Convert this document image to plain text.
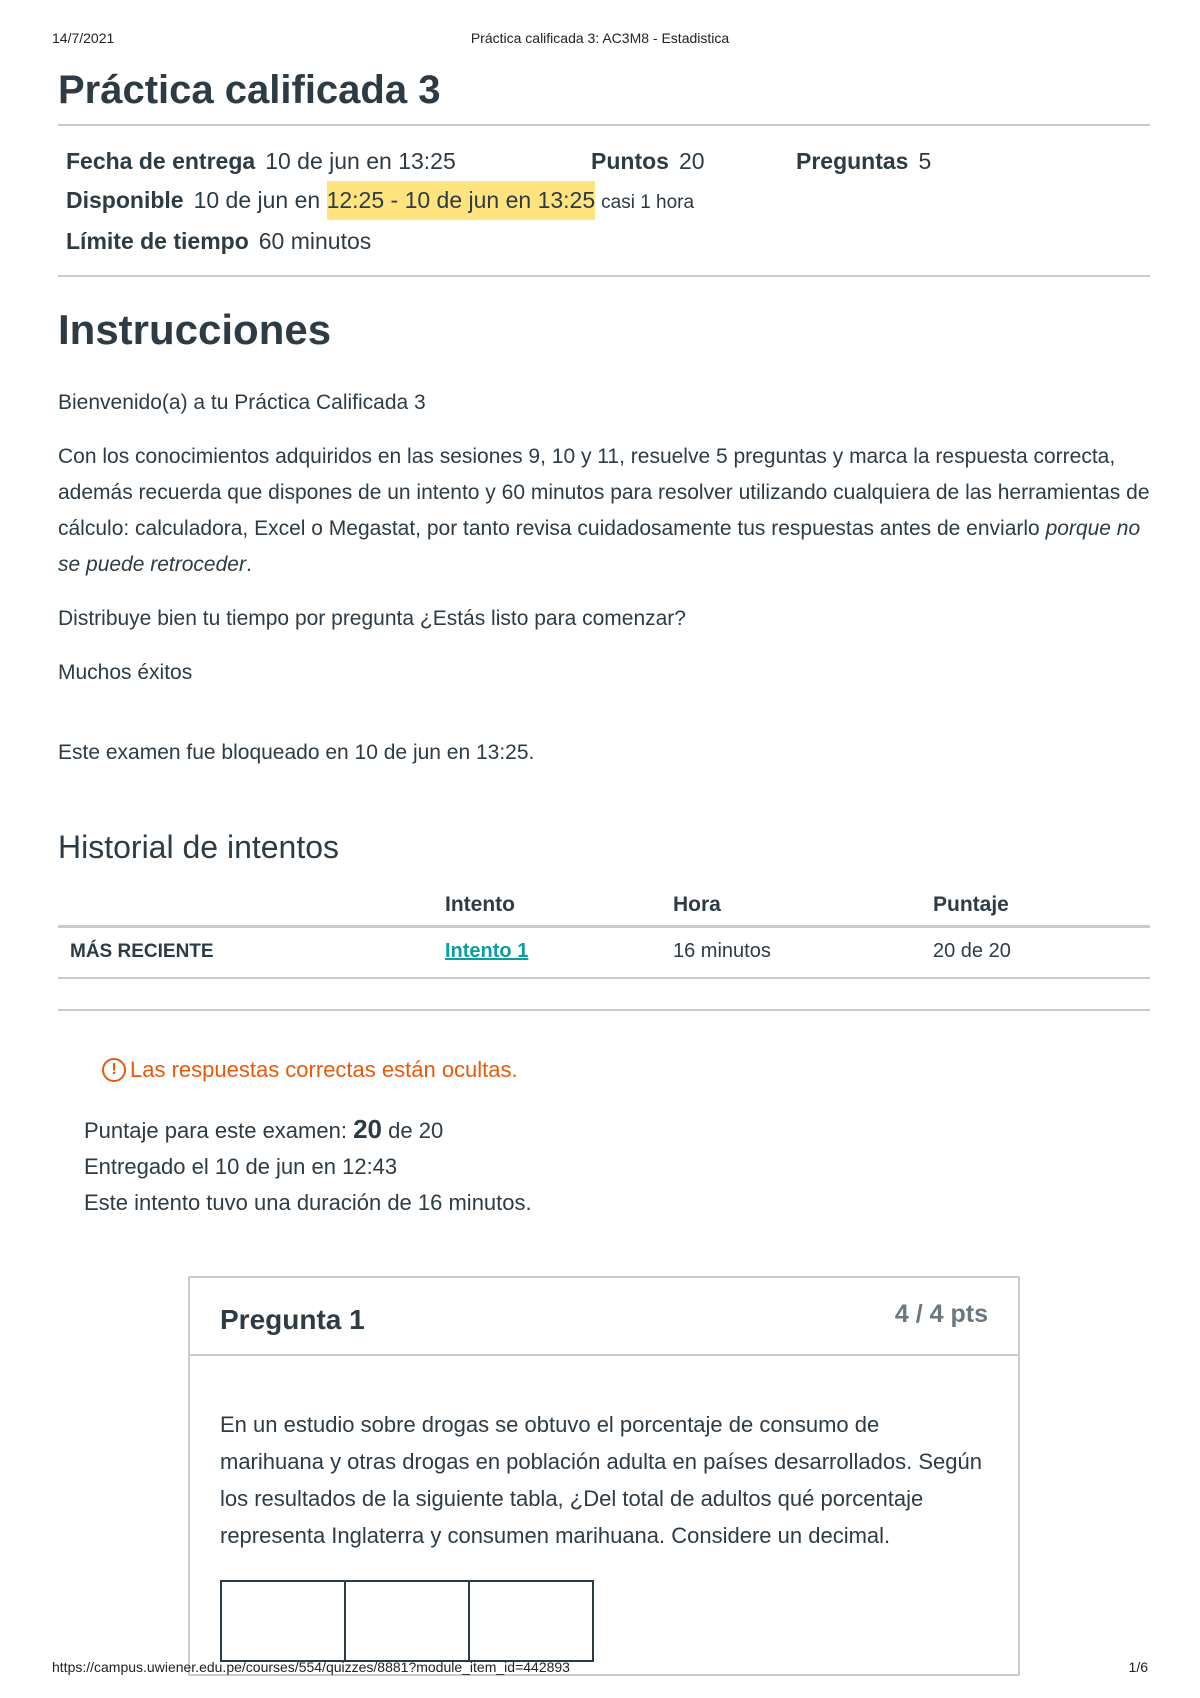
14/7/2021	Práctica calificada 3: AC3M8 - Estadistica
Práctica calificada 3
Fecha de entrega 10 de jun en 13:25	Puntos 20	Preguntas 5
Disponible 10 de jun en
12:25 - 10 de jun en 13:25 casi 1 hora
Límite de tiempo 60 minutos
Instrucciones

Bienvenido(a) a tu Práctica Calificada 3

Con los conocimientos adquiridos en las sesiones 9, 10 y 11, resuelve 5 preguntas y marca la respuesta correcta, además recuerda que dispones de un intento y 60 minutos para resolver utilizando cualquiera de las herramientas de cálculo: calculadora, Excel o Megastat, por tanto revisa cuidadosamente tus respuestas antes de enviarlo porque no se puede retroceder.

Distribuye bien tu tiempo por pregunta ¿Estás listo para comenzar?

Muchos éxitos

Este examen fue bloqueado en 10 de jun en 13:25.
Historial de intentos
	Intento	Hora	Puntaje
MÁS RECIENTE	Intento 1	16 minutos	20 de 20
! Las respuestas correctas están ocultas.
Puntaje para este examen: 20 de 20
Entregado el 10 de jun en 12:43
Este intento tuvo una duración de 16 minutos.
Pregunta 1	4 / 4 pts

En un estudio sobre drogas se obtuvo el porcentaje de consumo de marihuana y otras drogas en población adulta en países desarrollados. Según los resultados de la siguiente tabla, ¿Del total de adultos qué porcentaje representa Inglaterra y consumen marihuana. Considere un decimal.

https://campus.uwiener.edu.pe/courses/554/quizzes/8881?module_item_id=442893	1/6
